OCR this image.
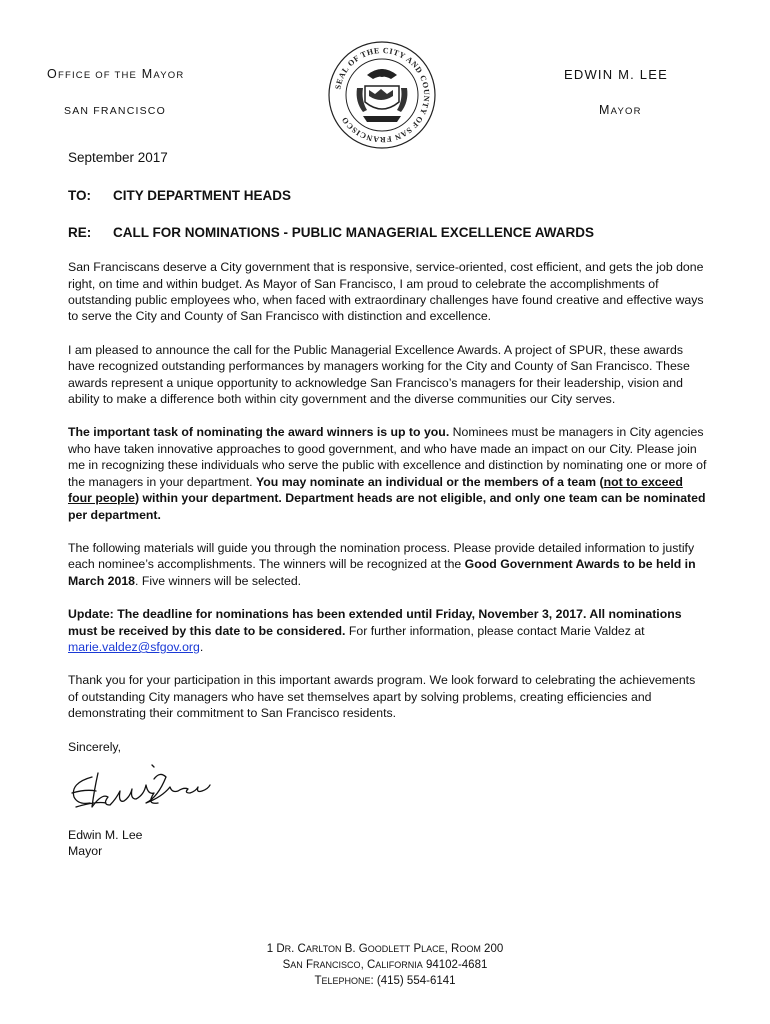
OFFICE OF THE MAYOR
SAN FRANCISCO
EDWIN M. LEE
MAYOR
SEAL OF THE CITY AND COUNTY OF SAN FRANCISCO
September 2017
TO:	CITY DEPARTMENT HEADS
RE:	CALL FOR NOMINATIONS - PUBLIC MANAGERIAL EXCELLENCE AWARDS

San Franciscans deserve a City government that is responsive, service-oriented, cost efficient, and gets the job done right, on time and within budget. As Mayor of San Francisco, I am proud to celebrate the accomplishments of outstanding public employees who, when faced with extraordinary challenges have found creative and effective ways to serve the City and County of San Francisco with distinction and excellence.

I am pleased to announce the call for the Public Managerial Excellence Awards. A project of SPUR, these awards have recognized outstanding performances by managers working for the City and County of San Francisco. These awards represent a unique opportunity to acknowledge San Francisco’s managers for their leadership, vision and ability to make a difference both within city government and the diverse communities our City serves.

The important task of nominating the award winners is up to you. Nominees must be managers in City agencies who have taken innovative approaches to good government, and who have made an impact on our City. Please join me in recognizing these individuals who serve the public with excellence and distinction by nominating one or more of the managers in your department. You may nominate an individual or the members of a team (not to exceed four people) within your department. Department heads are not eligible, and only one team can be nominated per department.

The following materials will guide you through the nomination process. Please provide detailed information to justify each nominee’s accomplishments. The winners will be recognized at the Good Government Awards to be held in March 2018. Five winners will be selected.

Update: The deadline for nominations has been extended until Friday, November 3, 2017. All nominations must be received by this date to be considered. For further information, please contact Marie Valdez at marie.valdez@sfgov.org.

Thank you for your participation in this important awards program. We look forward to celebrating the achievements of outstanding City managers who have set themselves apart by solving problems, creating efficiencies and demonstrating their commitment to San Francisco residents.

Sincerely,

Edwin M. Lee
Mayor
1 DR. CARLTON B. GOODLETT PLACE, ROOM 200
SAN FRANCISCO, CALIFORNIA 94102-4681
TELEPHONE: (415) 554-6141
